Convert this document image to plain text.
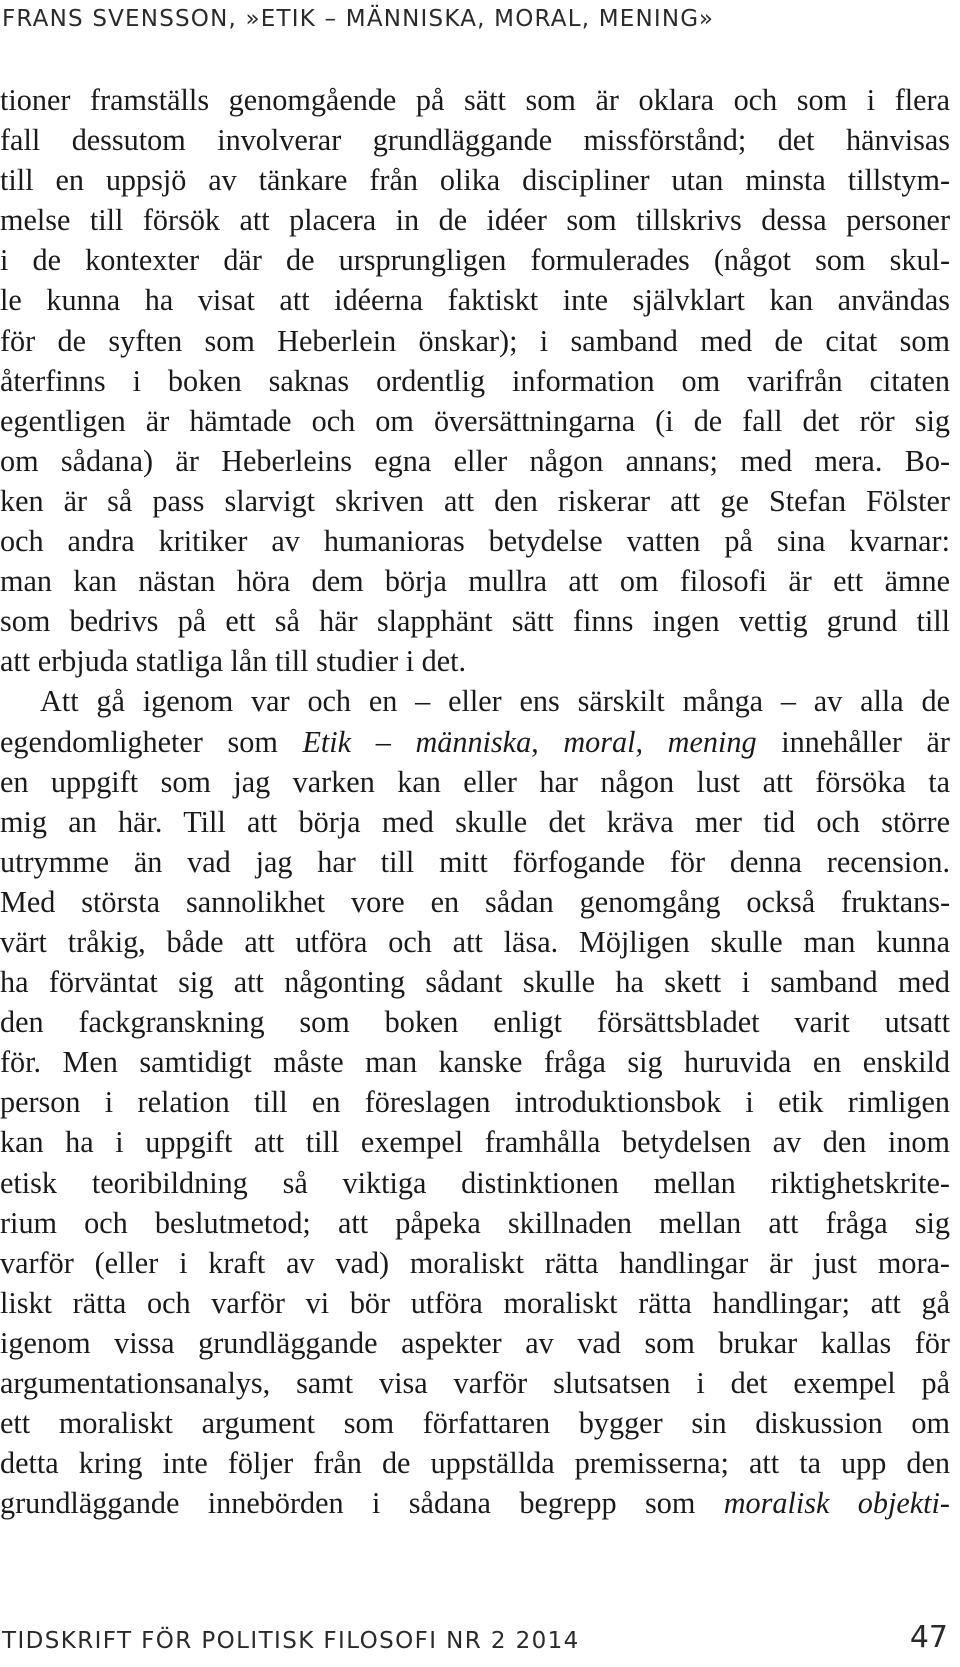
FRANS SVENSSON, »ETIK – MÄNNISKA, MORAL, MENING»
tioner framställs genomgående på sätt som är oklara och som i flera
fall dessutom involverar grundläggande missförstånd; det hänvisas
till en uppsjö av tänkare från olika discipliner utan minsta tillstym-
melse till försök att placera in de idéer som tillskrivs dessa personer
i de kontexter där de ursprungligen formulerades (något som skul-
le kunna ha visat att idéerna faktiskt inte självklart kan användas
för de syften som Heberlein önskar); i samband med de citat som
återfinns i boken saknas ordentlig information om varifrån citaten
egentligen är hämtade och om översättningarna (i de fall det rör sig
om sådana) är Heberleins egna eller någon annans; med mera. Bo-
ken är så pass slarvigt skriven att den riskerar att ge Stefan Fölster
och andra kritiker av humanioras betydelse vatten på sina kvarnar:
man kan nästan höra dem börja mullra att om filosofi är ett ämne
som bedrivs på ett så här slapphänt sätt finns ingen vettig grund till
att erbjuda statliga lån till studier i det.
Att gå igenom var och en – eller ens särskilt många – av alla de
egendomligheter som Etik – människa, moral, mening innehåller är
en uppgift som jag varken kan eller har någon lust att försöka ta
mig an här. Till att börja med skulle det kräva mer tid och större
utrymme än vad jag har till mitt förfogande för denna recension.
Med största sannolikhet vore en sådan genomgång också fruktans-
värt tråkig, både att utföra och att läsa. Möjligen skulle man kunna
ha förväntat sig att någonting sådant skulle ha skett i samband med
den fackgranskning som boken enligt försättsbladet varit utsatt
för. Men samtidigt måste man kanske fråga sig huruvida en enskild
person i relation till en föreslagen introduktionsbok i etik rimligen
kan ha i uppgift att till exempel framhålla betydelsen av den inom
etisk teoribildning så viktiga distinktionen mellan riktighetskrite-
rium och beslutmetod; att påpeka skillnaden mellan att fråga sig
varför (eller i kraft av vad) moraliskt rätta handlingar är just mora-
liskt rätta och varför vi bör utföra moraliskt rätta handlingar; att gå
igenom vissa grundläggande aspekter av vad som brukar kallas för
argumentationsanalys, samt visa varför slutsatsen i det exempel på
ett moraliskt argument som författaren bygger sin diskussion om
detta kring inte följer från de uppställda premisserna; att ta upp den
grundläggande innebörden i sådana begrepp som moralisk objekti-
TIDSKRIFT FÖR POLITISK FILOSOFI NR 2 2014	47
